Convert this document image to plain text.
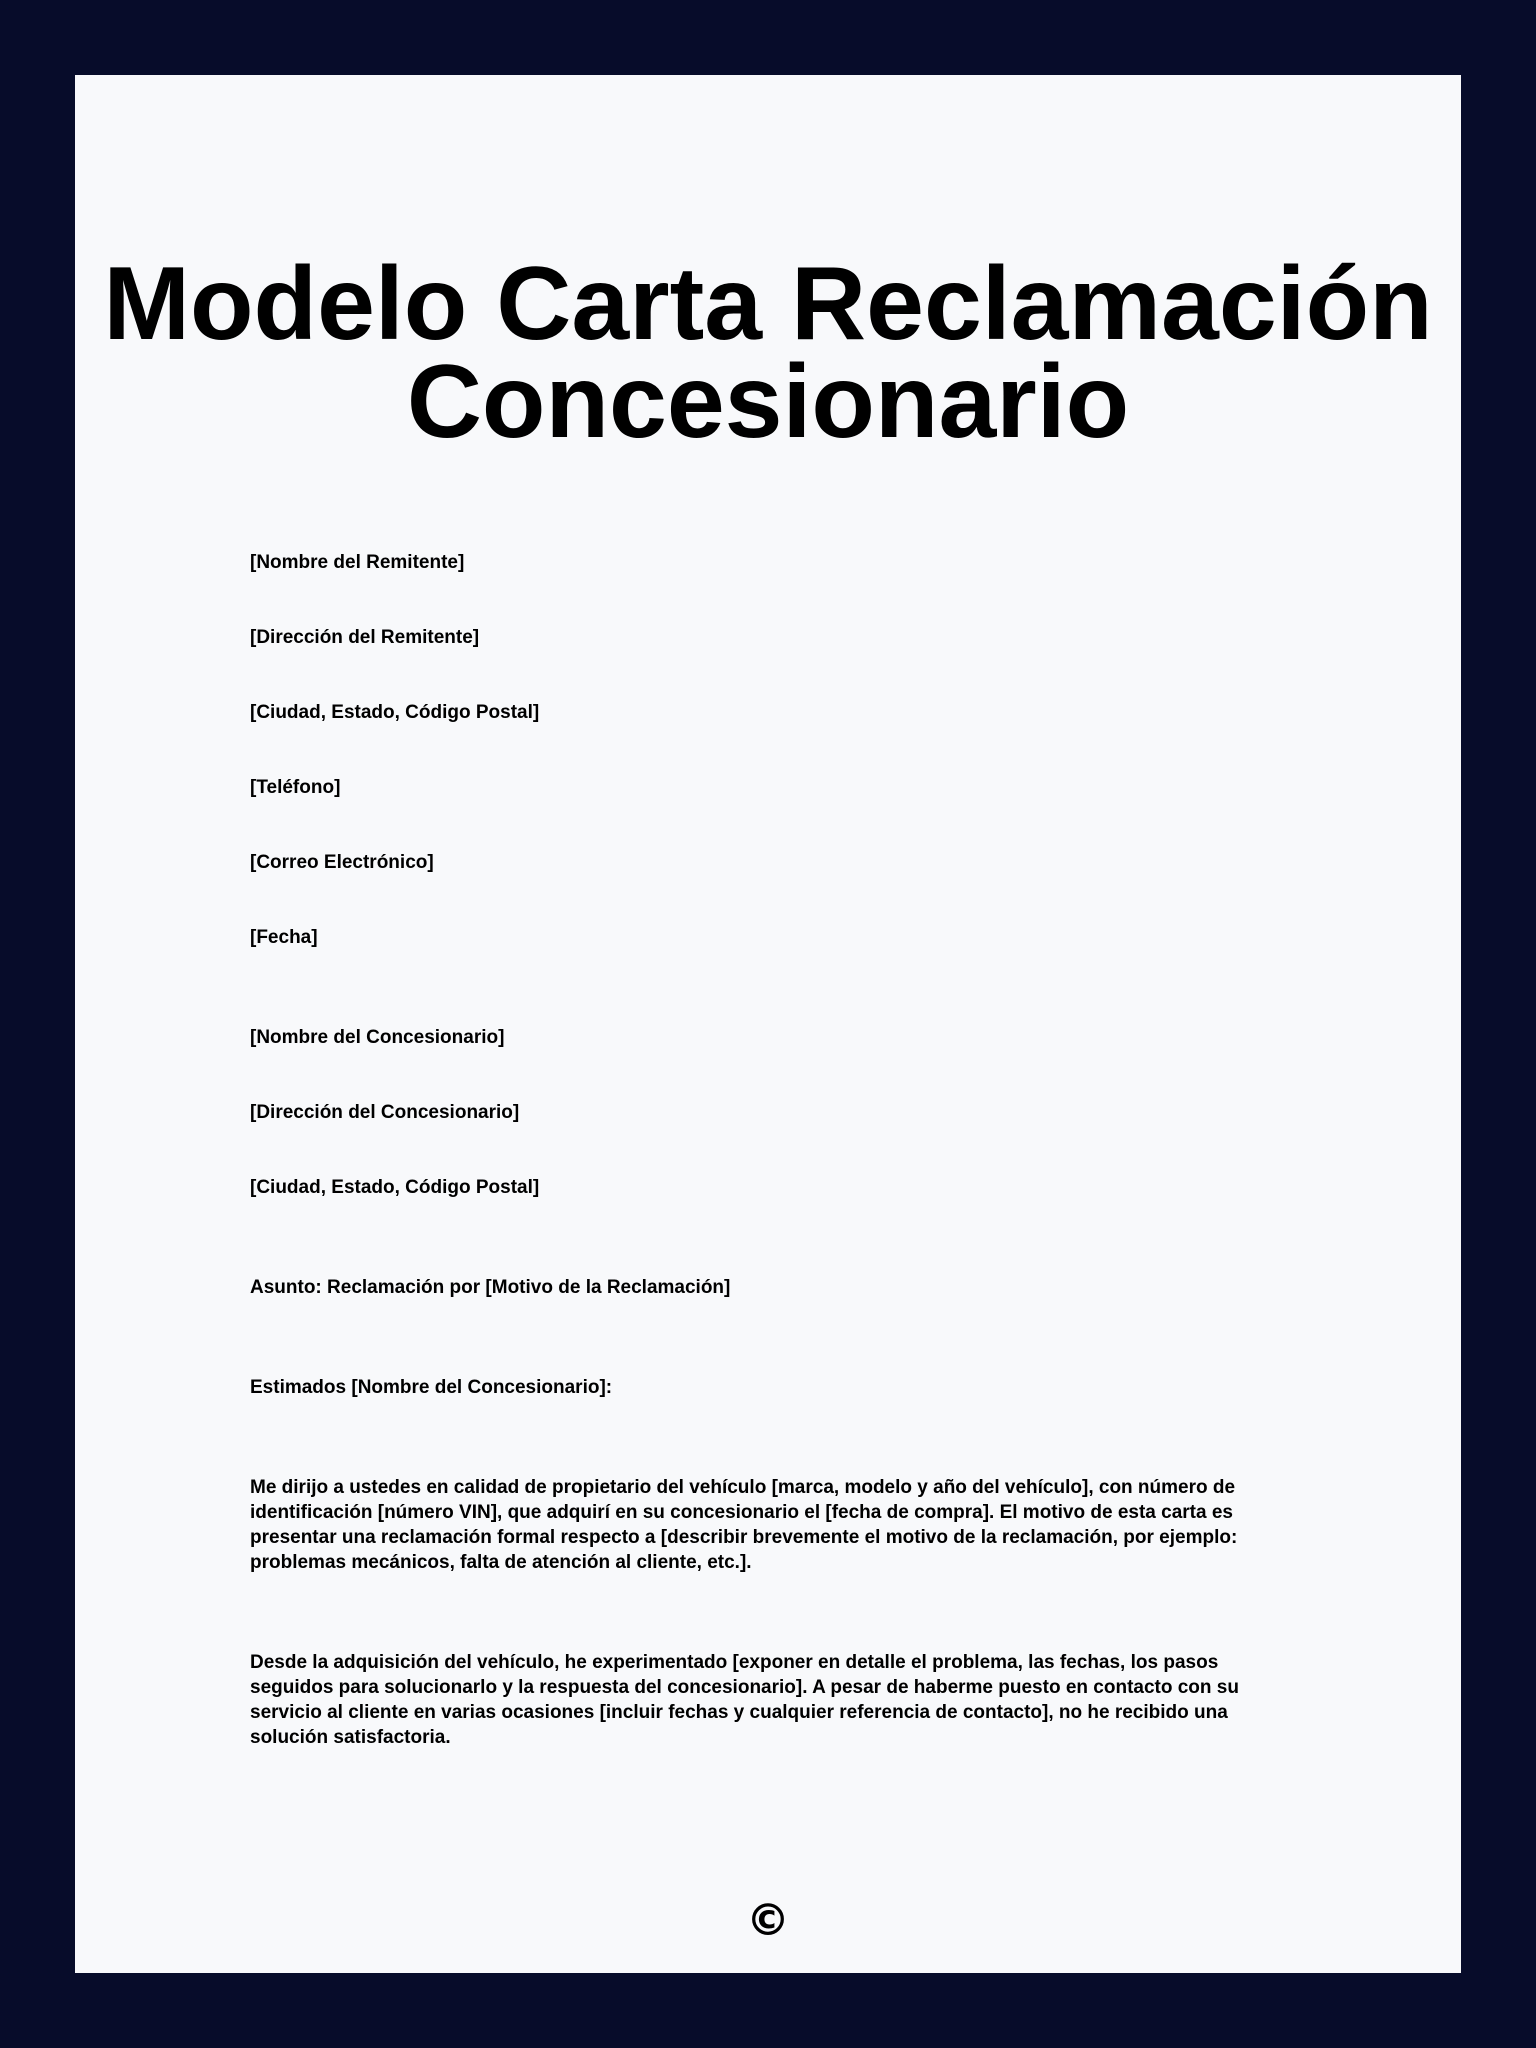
Modelo Carta Reclamación Concesionario

[Nombre del Remitente]

[Dirección del Remitente]

[Ciudad, Estado, Código Postal]

[Teléfono]

[Correo Electrónico]

[Fecha]

[Nombre del Concesionario]

[Dirección del Concesionario]

[Ciudad, Estado, Código Postal]

Asunto: Reclamación por [Motivo de la Reclamación]

Estimados [Nombre del Concesionario]:

Me dirijo a ustedes en calidad de propietario del vehículo [marca, modelo y año del vehículo], con número de identificación [número VIN], que adquirí en su concesionario el [fecha de compra]. El motivo de esta carta es presentar una reclamación formal respecto a [describir brevemente el motivo de la reclamación, por ejemplo: problemas mecánicos, falta de atención al cliente, etc.].

Desde la adquisición del vehículo, he experimentado [exponer en detalle el problema, las fechas, los pasos seguidos para solucionarlo y la respuesta del concesionario]. A pesar de haberme puesto en contacto con su servicio al cliente en varias ocasiones [incluir fechas y cualquier referencia de contacto], no he recibido una solución satisfactoria.

©
